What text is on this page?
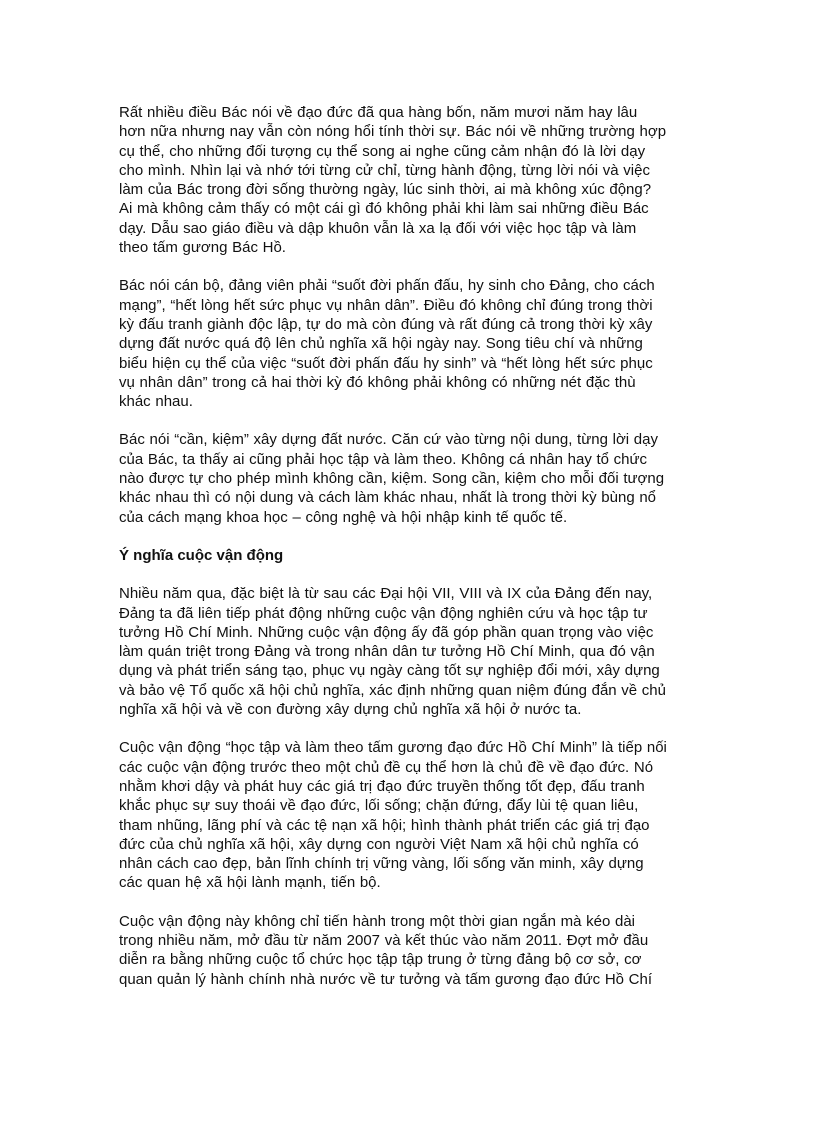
Rất nhiều điều Bác nói về đạo đức đã qua hàng bốn, năm mươi năm hay lâu
hơn nữa nhưng nay vẫn còn nóng hổi tính thời sự. Bác nói về những trường hợp
cụ thể, cho những đối tượng cụ thể song ai nghe cũng cảm nhận đó là lời dạy
cho mình. Nhìn lại và nhớ tới từng cử chỉ, từng hành động, từng lời nói và việc
làm của Bác trong đời sống thường ngày, lúc sinh thời, ai mà không xúc động?
Ai mà không cảm thấy có một cái gì đó không phải khi làm sai những điều Bác
dạy. Dẫu sao giáo điều và dập khuôn vẫn là xa lạ đối với việc học tập và làm
theo tấm gương Bác Hồ.
Bác nói cán bộ, đảng viên phải “suốt đời phấn đấu, hy sinh cho Đảng, cho cách
mạng”, “hết lòng hết sức phục vụ nhân dân”. Điều đó không chỉ đúng trong thời
kỳ đấu tranh giành độc lập, tự do mà còn đúng và rất đúng cả trong thời kỳ xây
dựng đất nước quá độ lên chủ nghĩa xã hội ngày nay. Song tiêu chí và những
biểu hiện cụ thể của việc “suốt đời phấn đấu hy sinh” và “hết lòng hết sức phục
vụ nhân dân” trong cả hai thời kỳ đó không phải không có những nét đặc thù
khác nhau.
Bác nói “cần, kiệm” xây dựng đất nước. Căn cứ vào từng nội dung, từng lời dạy
của Bác, ta thấy ai cũng phải học tập và làm theo. Không cá nhân hay tổ chức
nào được tự cho phép mình không cần, kiệm. Song cần, kiệm cho mỗi đối tượng
khác nhau thì có nội dung và cách làm khác nhau, nhất là trong thời kỳ bùng nổ
của cách mạng khoa học – công nghệ và hội nhập kinh tế quốc tế.
Ý nghĩa cuộc vận động
Nhiều năm qua, đặc biệt là từ sau các Đại hội VII, VIII và IX của Đảng đến nay,
Đảng ta đã liên tiếp phát động những cuộc vận động nghiên cứu và học tập tư
tưởng Hồ Chí Minh. Những cuộc vận động ấy đã góp phần quan trọng vào việc
làm quán triệt trong Đảng và trong nhân dân tư tưởng Hồ Chí Minh, qua đó vận
dụng và phát triển sáng tạo, phục vụ ngày càng tốt sự nghiệp đổi mới, xây dựng
và bảo vệ Tổ quốc xã hội chủ nghĩa, xác định những quan niệm đúng đắn về chủ
nghĩa xã hội và về con đường xây dựng chủ nghĩa xã hội ở nước ta.
Cuộc vận động “học tập và làm theo tấm gương đạo đức Hồ Chí Minh” là tiếp nối
các cuộc vận động trước theo một chủ đề cụ thể hơn là chủ đề về đạo đức. Nó
nhằm khơi dậy và phát huy các giá trị đạo đức truyền thống tốt đẹp, đấu tranh
khắc phục sự suy thoái về đạo đức, lối sống; chặn đứng, đẩy lùi tệ quan liêu,
tham nhũng, lãng phí và các tệ nạn xã hội; hình thành phát triển các giá trị đạo
đức của chủ nghĩa xã hội, xây dựng con người Việt Nam xã hội chủ nghĩa có
nhân cách cao đẹp, bản lĩnh chính trị vững vàng, lối sống văn minh, xây dựng
các quan hệ xã hội lành mạnh, tiến bộ.
Cuộc vận động này không chỉ tiến hành trong một thời gian ngắn mà kéo dài
trong nhiều năm, mở đầu từ năm 2007 và kết thúc vào năm 2011. Đợt mở đầu
diễn ra bằng những cuộc tổ chức học tập tập trung ở từng đảng bộ cơ sở, cơ
quan quản lý hành chính nhà nước về tư tưởng và tấm gương đạo đức Hồ Chí
